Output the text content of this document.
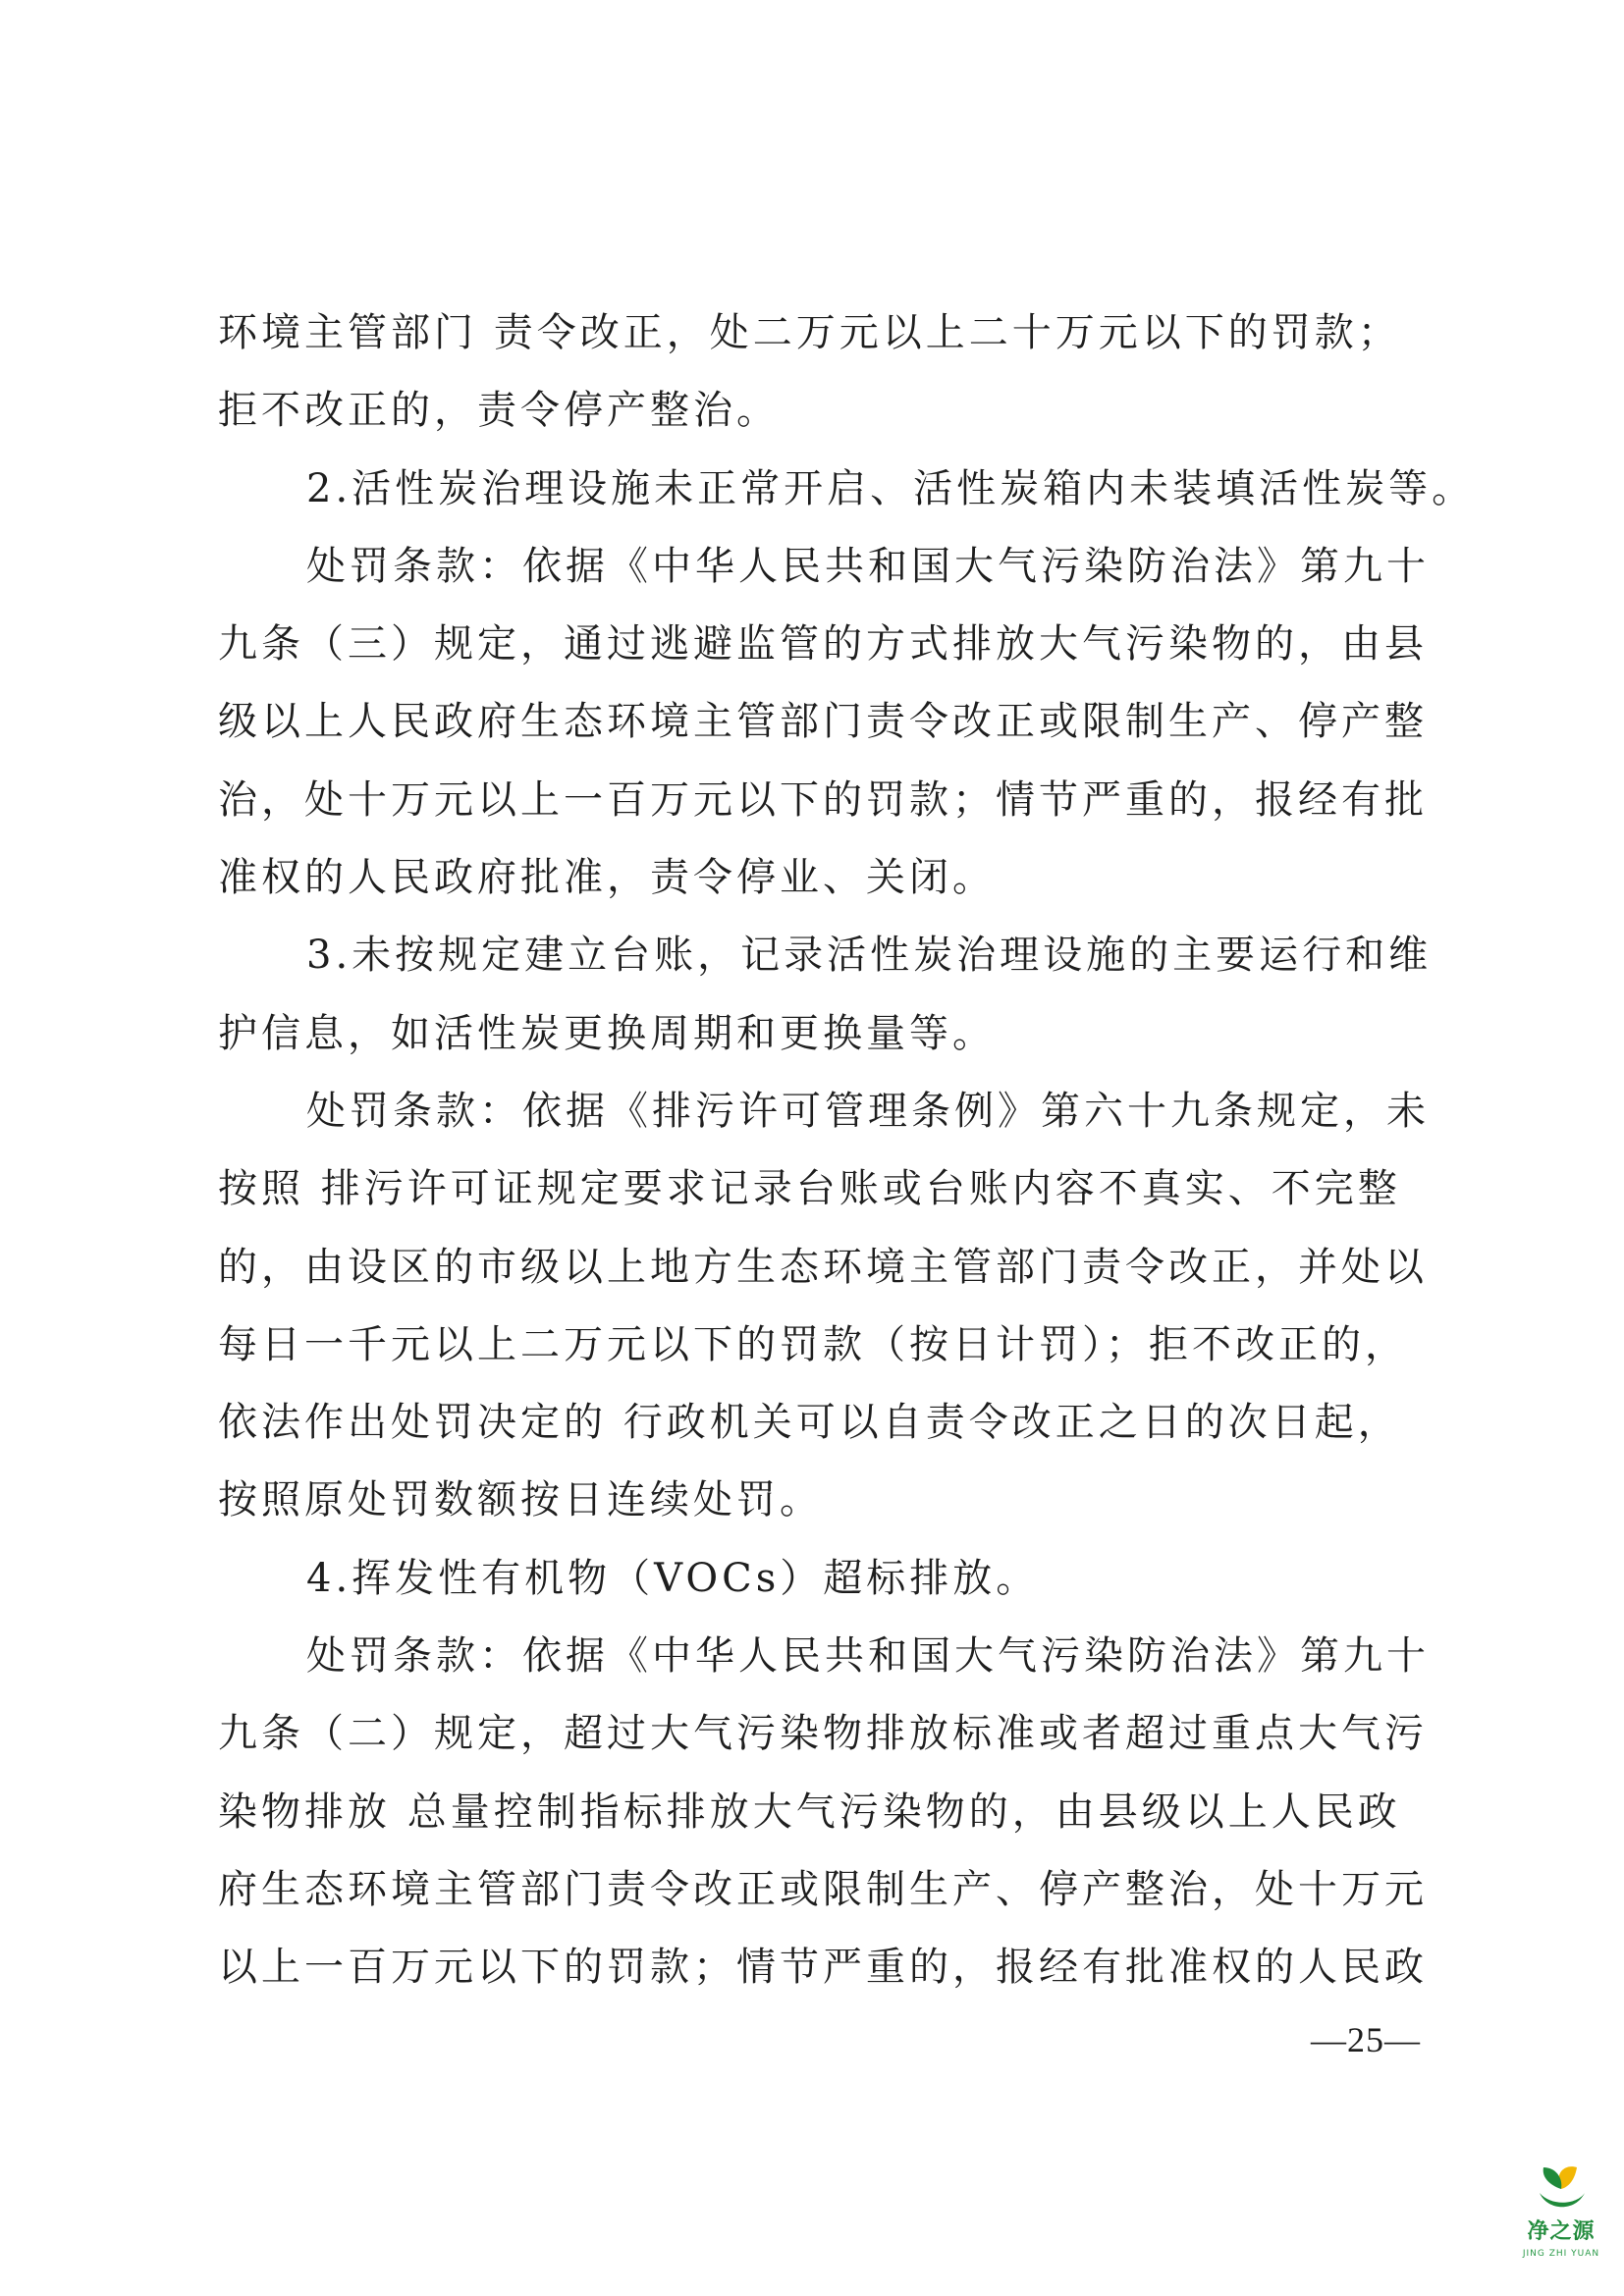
环境主管部门 责令改正，处二万元以上二十万元以下的罚款；
拒不改正的，责令停产整治。
2.活性炭治理设施未正常开启、活性炭箱内未装填活性炭等。
处罚条款：依据《中华人民共和国大气污染防治法》第九十
九条（三）规定，通过逃避监管的方式排放大气污染物的，由县
级以上人民政府生态环境主管部门责令改正或限制生产、停产整
治，处十万元以上一百万元以下的罚款；情节严重的，报经有批
准权的人民政府批准，责令停业、关闭。
3.未按规定建立台账，记录活性炭治理设施的主要运行和维
护信息，如活性炭更换周期和更换量等。
处罚条款：依据《排污许可管理条例》第六十九条规定，未
按照 排污许可证规定要求记录台账或台账内容不真实、不完整
的，由设区的市级以上地方生态环境主管部门责令改正，并处以
每日一千元以上二万元以下的罚款（按日计罚）；拒不改正的，
依法作出处罚决定的 行政机关可以自责令改正之日的次日起，
按照原处罚数额按日连续处罚。
4.挥发性有机物（VOCs）超标排放。
处罚条款：依据《中华人民共和国大气污染防治法》第九十
九条（二）规定，超过大气污染物排放标准或者超过重点大气污
染物排放 总量控制指标排放大气污染物的，由县级以上人民政
府生态环境主管部门责令改正或限制生产、停产整治，处十万元
以上一百万元以下的罚款；情节严重的，报经有批准权的人民政
—25—
净之源
JING ZHI YUAN
